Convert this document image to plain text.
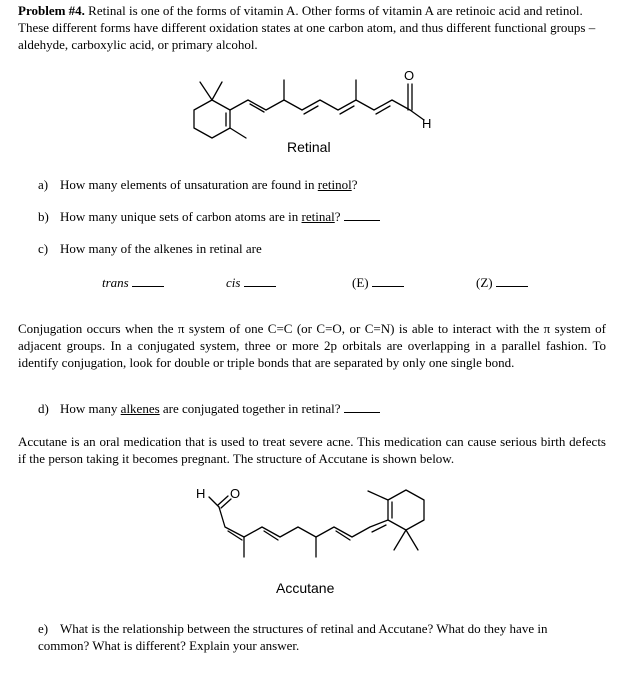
Problem #4. Retinal is one of the forms of vitamin A. Other forms of vitamin A are retinoic acid and retinol. These different forms have different oxidation states at one carbon atom, and thus different functional groups – aldehyde, carboxylic acid, or primary alcohol.
O
H
Retinal
a) How many elements of unsaturation are found in retinol?
b) How many unique sets of carbon atoms are in retinal?
c) How many of the alkenes in retinal are
trans	cis	(E)	(Z)
Conjugation occurs when the π system of one C=C (or C=O, or C=N) is able to interact with the π system of adjacent groups. In a conjugated system, three or more 2p orbitals are overlapping in a parallel fashion. To identify conjugation, look for double or triple bonds that are separated by only one single bond.
d) How many alkenes are conjugated together in retinal?
Accutane is an oral medication that is used to treat severe acne. This medication can cause serious birth defects if the person taking it becomes pregnant. The structure of Accutane is shown below.
H O
Accutane
e) What is the relationship between the structures of retinal and Accutane? What do they have in common? What is different? Explain your answer.
